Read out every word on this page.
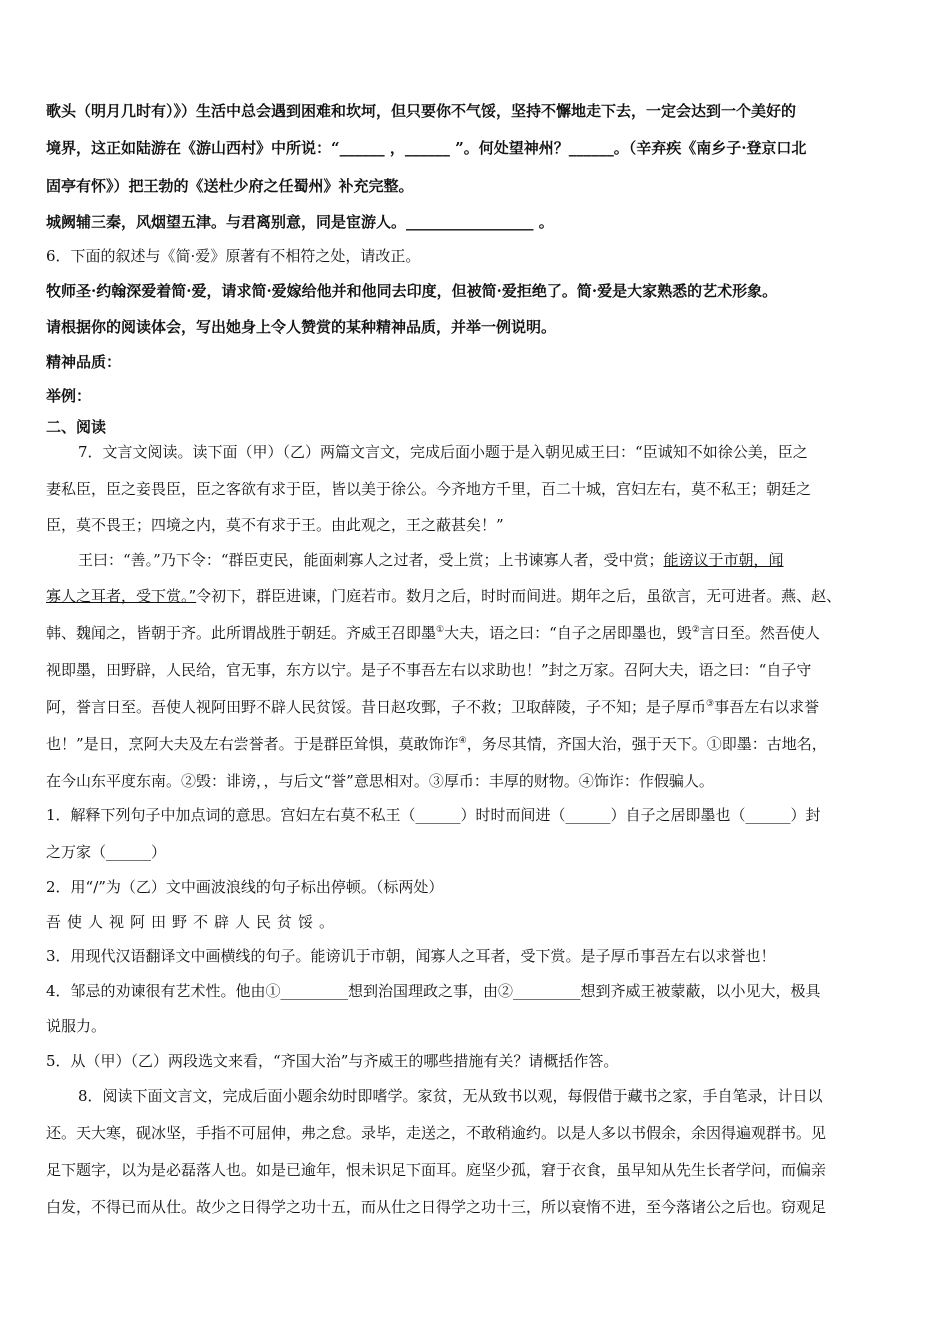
歌头（明月几时有）》）生活中总会遇到困难和坎坷，但只要你不气馁，坚持不懈地走下去，一定会达到一个美好的
境界，这正如陆游在《游山西村》中所说：“______ ，______ ”。何处望神州？______。（辛弃疾《南乡子·登京口北
固亭有怀》）把王勃的《送杜少府之任蜀州》补充完整。
城阙辅三秦，风烟望五津。与君离别意，同是宦游人。_________________ 。
6．下面的叙述与《简·爱》原著有不相符之处，请改正。
牧师圣·约翰深爱着简·爱，请求简·爱嫁给他并和他同去印度，但被简·爱拒绝了。简·爱是大家熟悉的艺术形象。
请根据你的阅读体会，写出她身上令人赞赏的某种精神品质，并举一例说明。
精神品质：
举例：
二、阅读
7．文言文阅读。读下面（甲）（乙）两篇文言文，完成后面小题于是入朝见威王曰：“臣诚知不如徐公美，臣之
妻私臣，臣之妾畏臣，臣之客欲有求于臣，皆以美于徐公。今齐地方千里，百二十城，宫妇左右，莫不私王；朝廷之
臣，莫不畏王；四境之内，莫不有求于王。由此观之，王之蔽甚矣！”
王曰：“善。”乃下令：“群臣吏民，能面刺寡人之过者，受上赏；上书谏寡人者，受中赏；能谤议于市朝，闻
寡人之耳者，受下赏。”令初下，群臣进谏，门庭若市。数月之后，时时而间进。期年之后，虽欲言，无可进者。燕、赵、
韩、魏闻之，皆朝于齐。此所谓战胜于朝廷。齐威王召即墨①大夫，语之曰：“自子之居即墨也，毁②言日至。然吾使人
视即墨，田野辟，人民给，官无事，东方以宁。是子不事吾左右以求助也！”封之万家。召阿大夫，语之曰：“自子守
阿，誉言日至。吾使人视阿田野不辟人民贫馁。昔日赵攻鄄，子不救；卫取薛陵，子不知；是子厚币③事吾左右以求誉
也！”是日，烹阿大夫及左右尝誉者。于是群臣耸惧，莫敢饰诈④，务尽其情，齐国大治，强于天下。①即墨：古地名，
在今山东平度东南。②毁：诽谤，，与后文“誉”意思相对。③厚币：丰厚的财物。④饰诈：作假骗人。
1．解释下列句子中加点词的意思。宫妇左右莫不私王（______）时时而间进（______）自子之居即墨也（______）封
之万家（______）
2．用“/”为（乙）文中画波浪线的句子标出停顿。（标两处）
吾使人视阿田野不辟人民贫馁。
3．用现代汉语翻译文中画横线的句子。能谤讥于市朝，闻寡人之耳者，受下赏。是子厚币事吾左右以求誉也！
4．邹忌的劝谏很有艺术性。他由①_________想到治国理政之事，由②_________想到齐威王被蒙蔽，以小见大，极具
说服力。
5．从（甲）（乙）两段选文来看，“齐国大治”与齐威王的哪些措施有关？请概括作答。
8．阅读下面文言文，完成后面小题余幼时即嗜学。家贫，无从致书以观，每假借于藏书之家，手自笔录，计日以
还。天大寒，砚冰坚，手指不可屈伸，弗之怠。录毕，走送之，不敢稍逾约。以是人多以书假余，余因得遍观群书。见
足下题字，以为是必磊落人也。如是已逾年，恨未识足下面耳。庭坚少孤，窘于衣食，虽早知从先生长者学问，而偏亲
白发，不得已而从仕。故少之日得学之功十五，而从仕之日得学之功十三，所以衰惰不进，至今落诸公之后也。窃观足
